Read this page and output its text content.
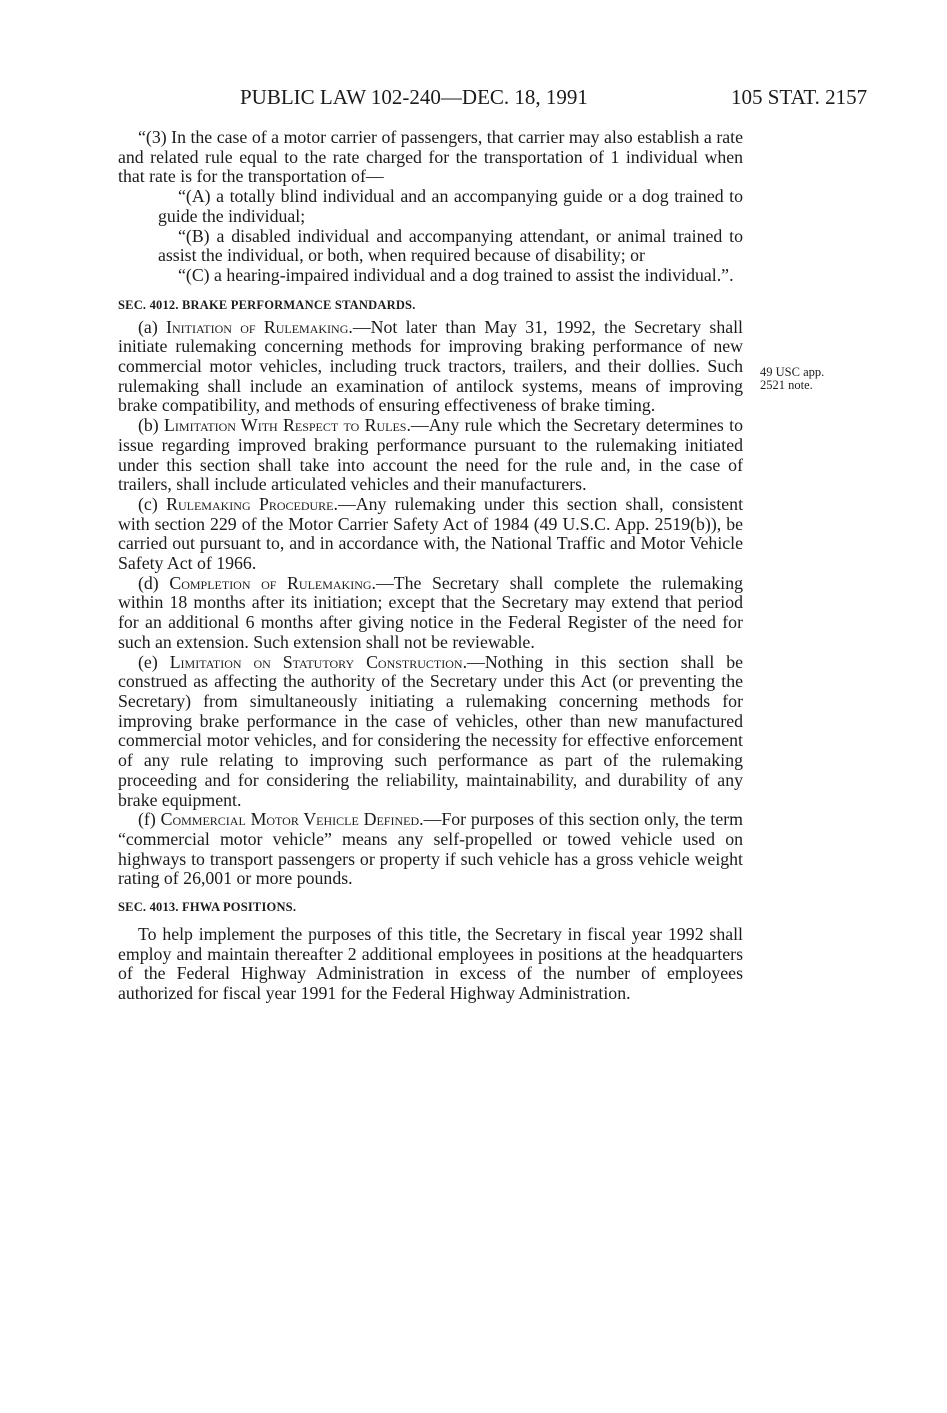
PUBLIC LAW 102-240—DEC. 18, 1991	105 STAT. 2157
49 USC app.
2521 note.

“(3) In the case of a motor carrier of passengers, that carrier may also establish a rate and related rule equal to the rate charged for the transportation of 1 individual when that rate is for the transportation of—

“(A) a totally blind individual and an accompanying guide or a dog trained to guide the individual;

“(B) a disabled individual and accompanying attendant, or animal trained to assist the individual, or both, when required because of disability; or

“(C) a hearing-impaired individual and a dog trained to assist the individual.”.

SEC. 4012. BRAKE PERFORMANCE STANDARDS.

(a) Initiation of Rulemaking.—Not later than May 31, 1992, the Secretary shall initiate rulemaking concerning methods for improving braking performance of new commercial motor vehicles, including truck tractors, trailers, and their dollies. Such rulemaking shall include an examination of antilock systems, means of improving brake compatibility, and methods of ensuring effectiveness of brake timing.

(b) Limitation With Respect to Rules.—Any rule which the Secretary determines to issue regarding improved braking performance pursuant to the rulemaking initiated under this section shall take into account the need for the rule and, in the case of trailers, shall include articulated vehicles and their manufacturers.

(c) Rulemaking Procedure.—Any rulemaking under this section shall, consistent with section 229 of the Motor Carrier Safety Act of 1984 (49 U.S.C. App. 2519(b)), be carried out pursuant to, and in accordance with, the National Traffic and Motor Vehicle Safety Act of 1966.

(d) Completion of Rulemaking.—The Secretary shall complete the rulemaking within 18 months after its initiation; except that the Secretary may extend that period for an additional 6 months after giving notice in the Federal Register of the need for such an extension. Such extension shall not be reviewable.

(e) Limitation on Statutory Construction.—Nothing in this section shall be construed as affecting the authority of the Secretary under this Act (or preventing the Secretary) from simultaneously initiating a rulemaking concerning methods for improving brake performance in the case of vehicles, other than new manufactured commercial motor vehicles, and for considering the necessity for effective enforcement of any rule relating to improving such performance as part of the rulemaking proceeding and for considering the reliability, maintainability, and durability of any brake equipment.

(f) Commercial Motor Vehicle Defined.—For purposes of this section only, the term “commercial motor vehicle” means any self-propelled or towed vehicle used on highways to transport passengers or property if such vehicle has a gross vehicle weight rating of 26,001 or more pounds.

SEC. 4013. FHWA POSITIONS.

To help implement the purposes of this title, the Secretary in fiscal year 1992 shall employ and maintain thereafter 2 additional employees in positions at the headquarters of the Federal Highway Administration in excess of the number of employees authorized for fiscal year 1991 for the Federal Highway Administration.
